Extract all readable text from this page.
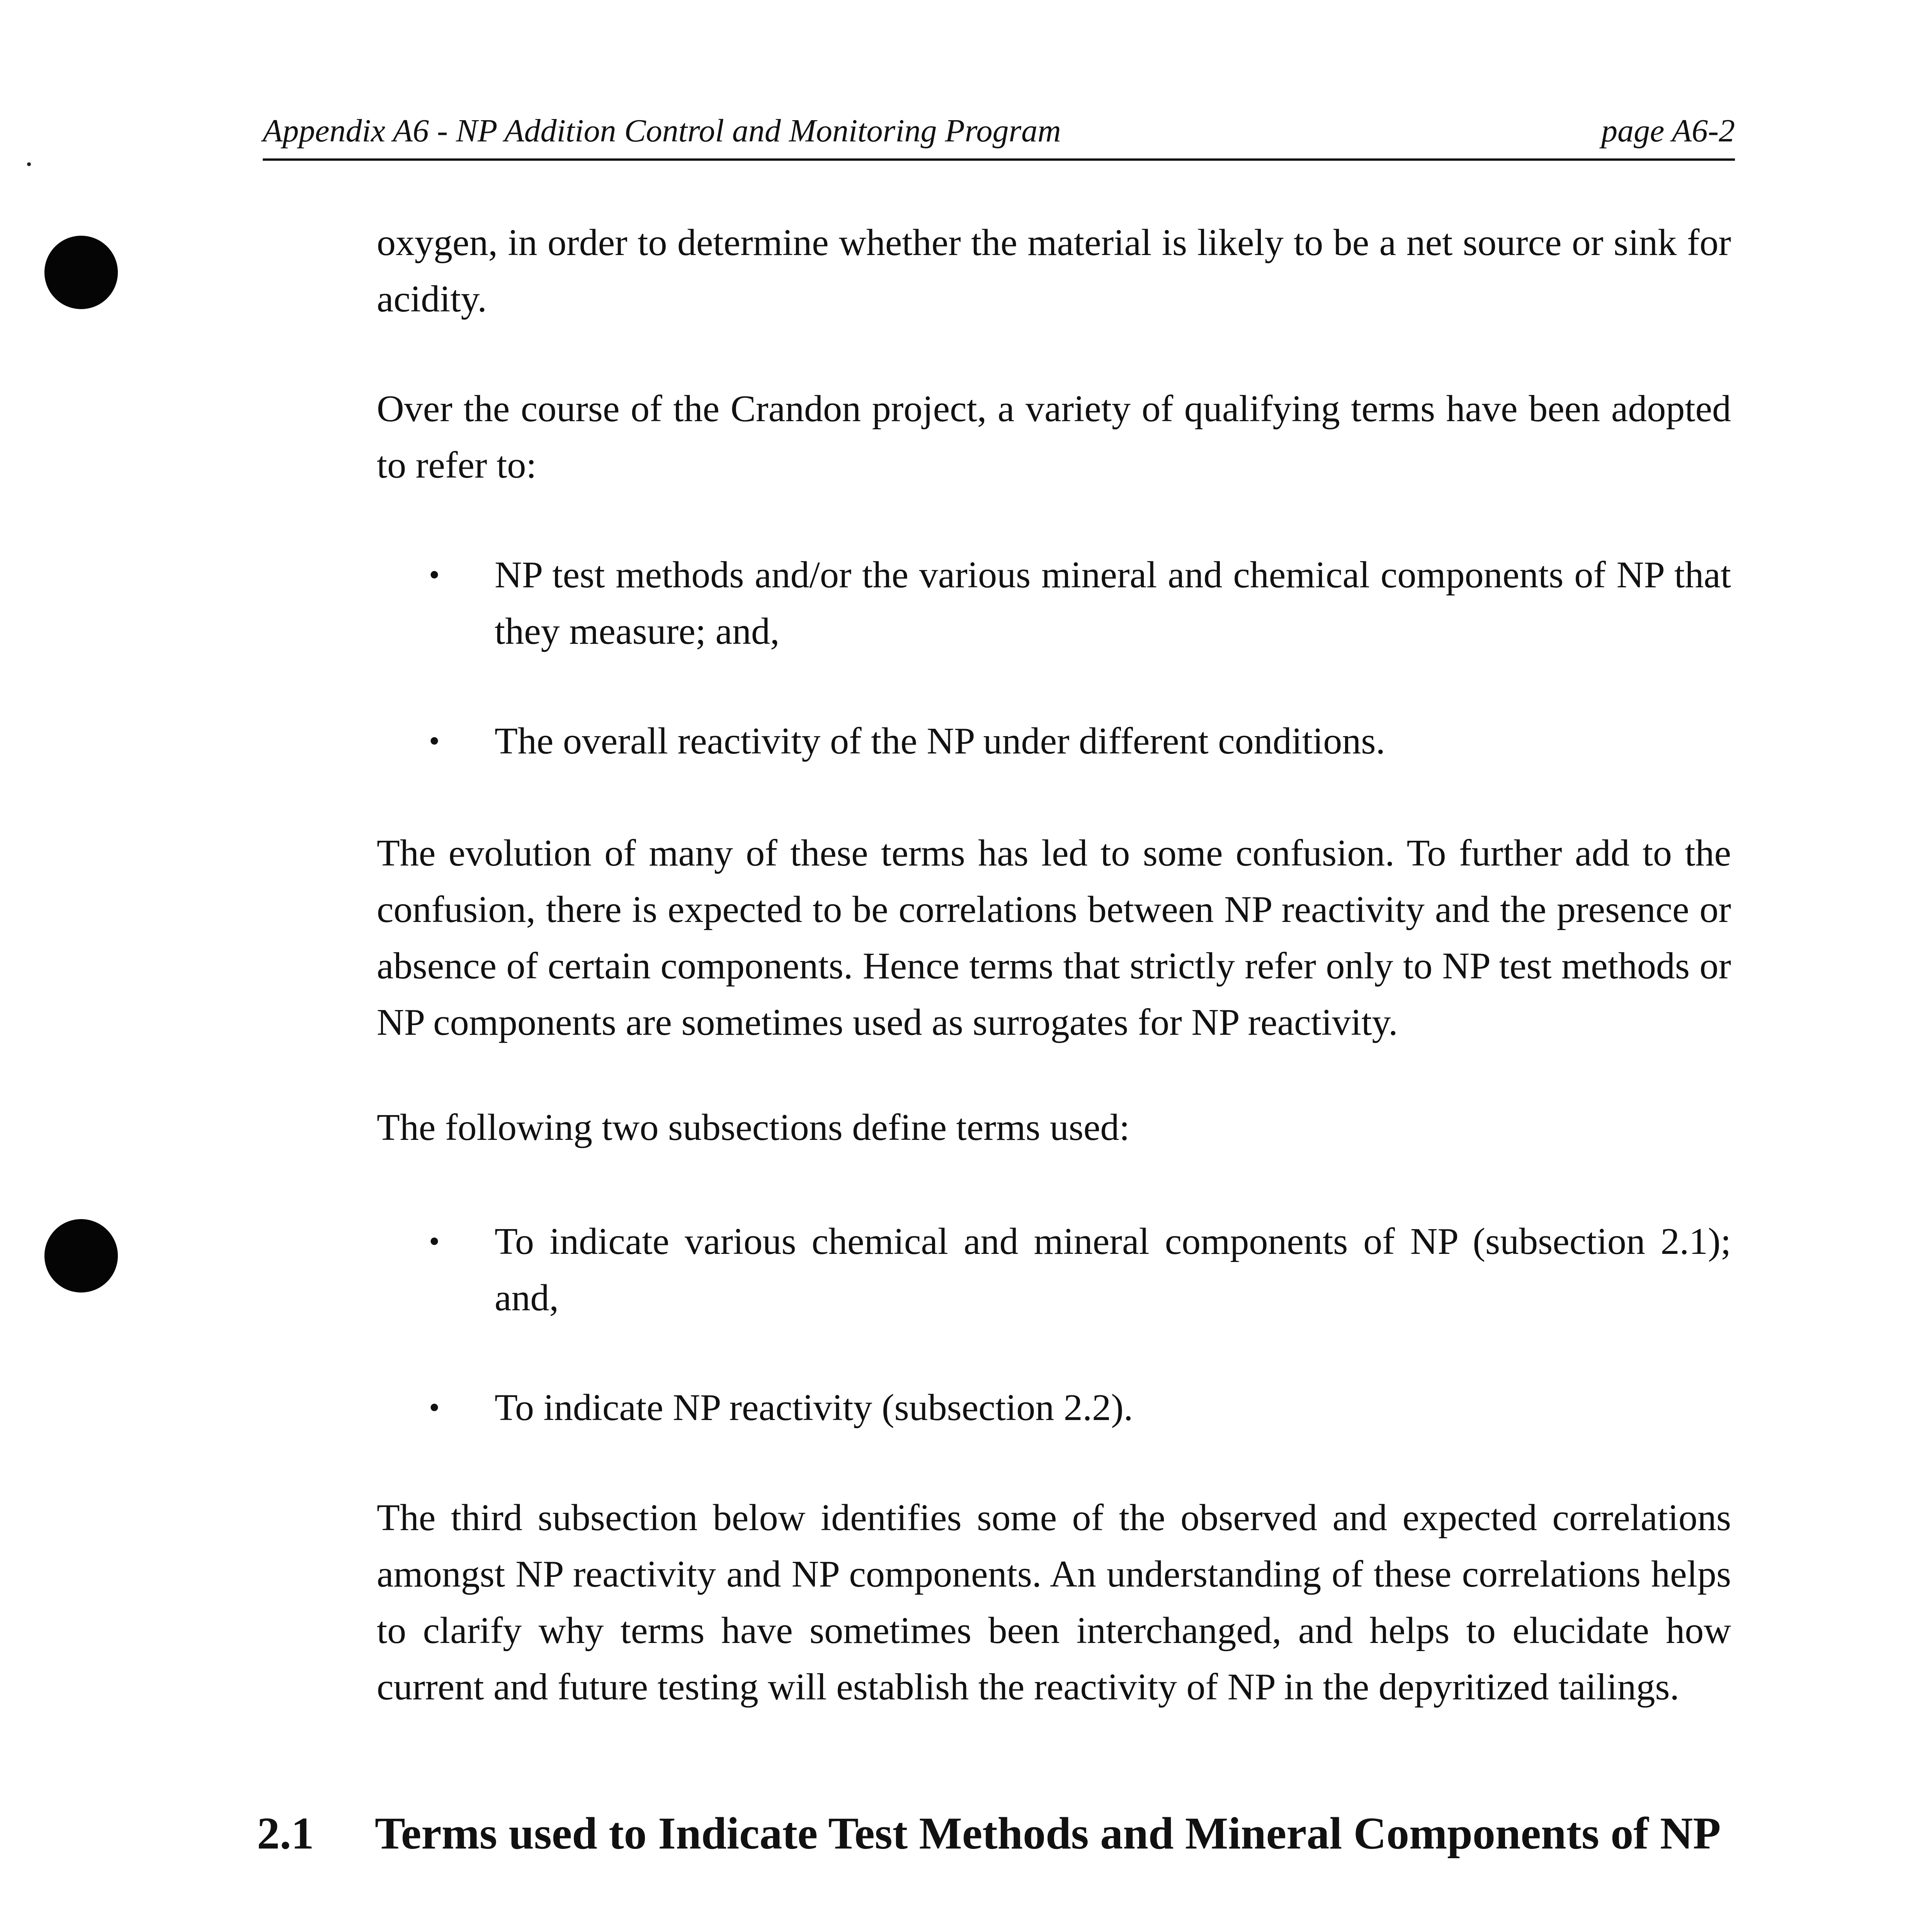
Appendix A6 - NP Addition Control and Monitoring Program	page A6-2
oxygen, in order to determine whether the material is likely to be a net source or sink for acidity.
Over the course of the Crandon project, a variety of qualifying terms have been adopted to refer to:
•	NP test methods and/or the various mineral and chemical components of NP that they measure; and,
•	The overall reactivity of the NP under different conditions.
The evolution of many of these terms has led to some confusion. To further add to the confusion, there is expected to be correlations between NP reactivity and the presence or absence of certain components. Hence terms that strictly refer only to NP test methods or NP components are sometimes used as surrogates for NP reactivity.
The following two subsections define terms used:
•	To indicate various chemical and mineral components of NP (subsection 2.1); and,
•	To indicate NP reactivity (subsection 2.2).
The third subsection below identifies some of the observed and expected correlations amongst NP reactivity and NP components. An understanding of these correlations helps to clarify why terms have sometimes been interchanged, and helps to elucidate how current and future testing will establish the reactivity of NP in the depyritized tailings.
2.1 Terms used to Indicate Test Methods and Mineral Components of NP
